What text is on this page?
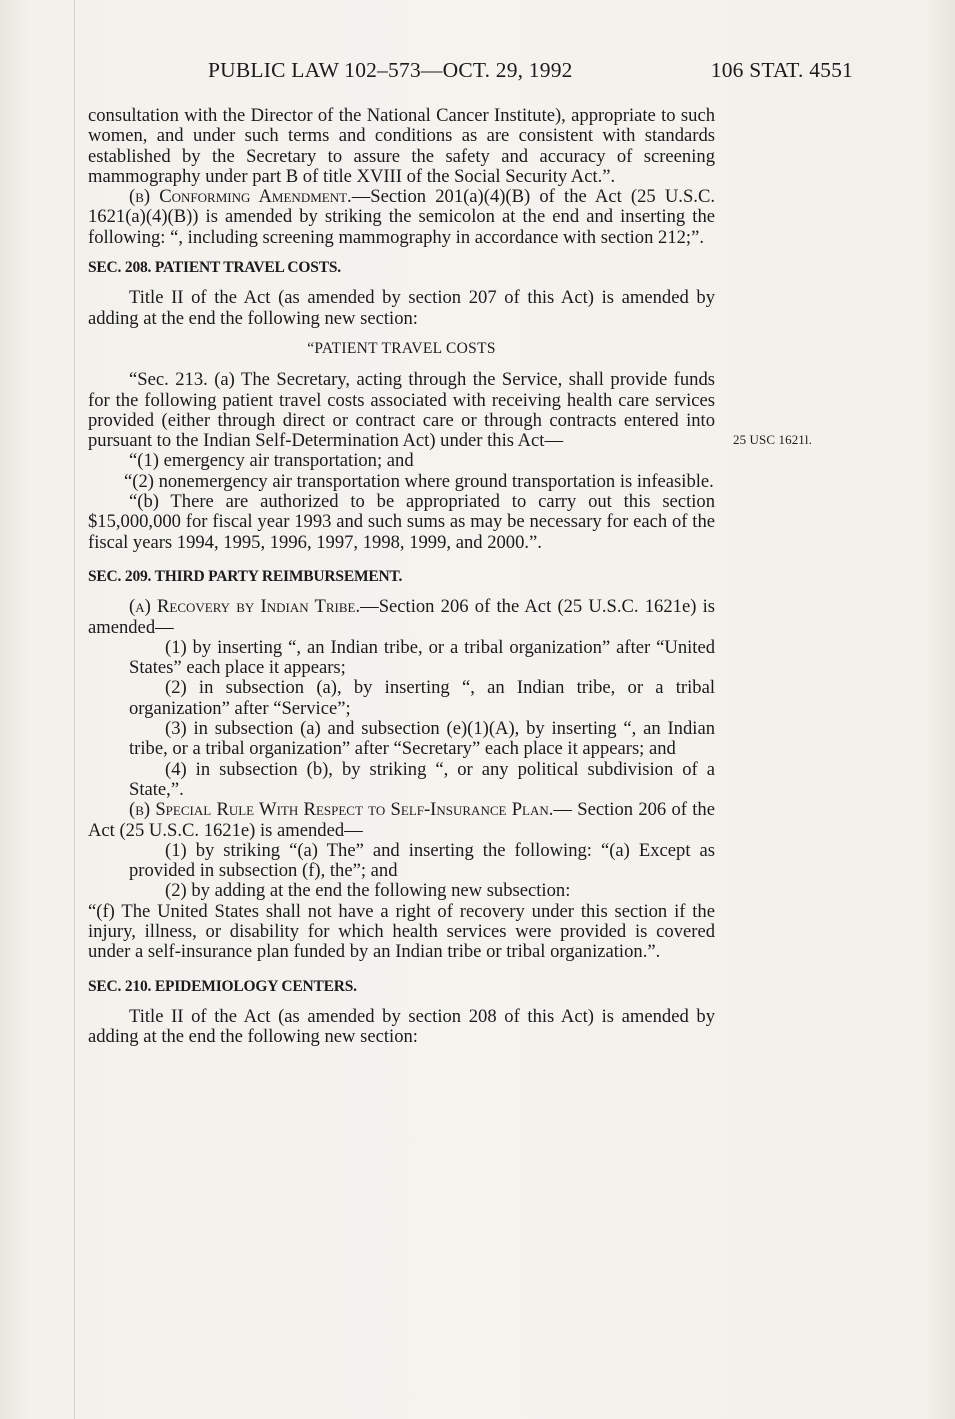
PUBLIC LAW 102–573—OCT. 29, 1992	106 STAT. 4551
25 USC 1621l.

consultation with the Director of the National Cancer Institute), appropriate to such women, and under such terms and conditions as are consistent with standards established by the Secretary to assure the safety and accuracy of screening mammography under part B of title XVIII of the Social Security Act.”.

(b) Conforming Amendment.—Section 201(a)(4)(B) of the Act (25 U.S.C. 1621(a)(4)(B)) is amended by striking the semicolon at the end and inserting the following: “, including screening mammography in accordance with section 212;”.

SEC. 208. PATIENT TRAVEL COSTS.

Title II of the Act (as amended by section 207 of this Act) is amended by adding at the end the following new section:

“PATIENT TRAVEL COSTS

“Sec. 213. (a) The Secretary, acting through the Service, shall provide funds for the following patient travel costs associated with receiving health care services provided (either through direct or contract care or through contracts entered into pursuant to the Indian Self-Determination Act) under this Act—

“(1) emergency air transportation; and

“(2) nonemergency air transportation where ground transportation is infeasible.

“(b) There are authorized to be appropriated to carry out this section $15,000,000 for fiscal year 1993 and such sums as may be necessary for each of the fiscal years 1994, 1995, 1996, 1997, 1998, 1999, and 2000.”.

SEC. 209. THIRD PARTY REIMBURSEMENT.

(a) Recovery by Indian Tribe.—Section 206 of the Act (25 U.S.C. 1621e) is amended—

(1) by inserting “, an Indian tribe, or a tribal organization” after “United States” each place it appears;

(2) in subsection (a), by inserting “, an Indian tribe, or a tribal organization” after “Service”;

(3) in subsection (a) and subsection (e)(1)(A), by inserting “, an Indian tribe, or a tribal organization” after “Secretary” each place it appears; and

(4) in subsection (b), by striking “, or any political subdivision of a State,”.

(b) Special Rule With Respect to Self-Insurance Plan.— Section 206 of the Act (25 U.S.C. 1621e) is amended—

(1) by striking “(a) The” and inserting the following: “(a) Except as provided in subsection (f), the”; and

(2) by adding at the end the following new subsection:

“(f) The United States shall not have a right of recovery under this section if the injury, illness, or disability for which health services were provided is covered under a self-insurance plan funded by an Indian tribe or tribal organization.”.

SEC. 210. EPIDEMIOLOGY CENTERS.

Title II of the Act (as amended by section 208 of this Act) is amended by adding at the end the following new section:
